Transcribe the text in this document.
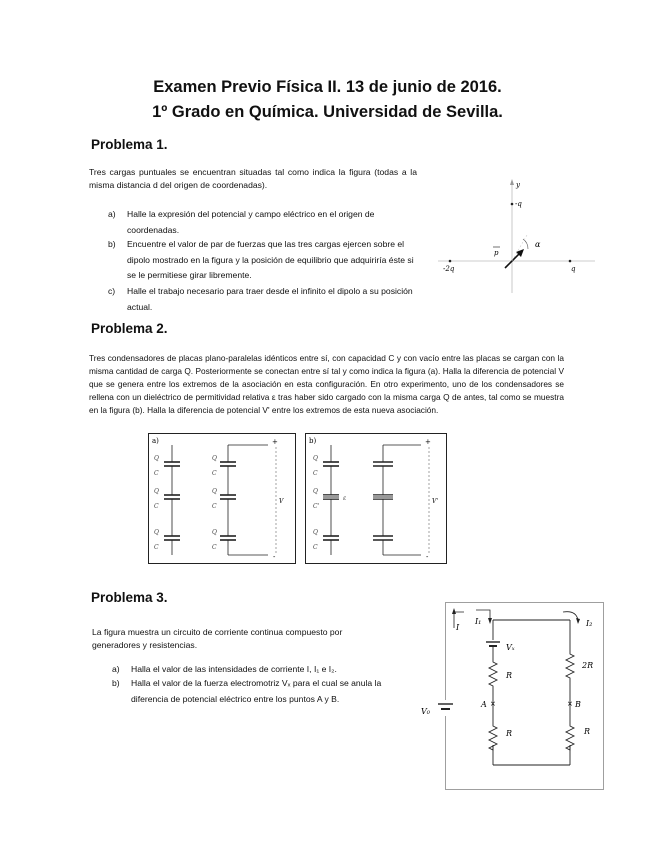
Examen Previo Física II. 13 de junio de 2016.
1º Grado en Química. Universidad de Sevilla.
Problema 1.
Tres cargas puntuales se encuentran situadas tal como indica la figura (todas a la misma distancia d del origen de coordenadas).
a) Halle la expresión del potencial y campo eléctrico en el origen de coordenadas.
b) Encuentre el valor de par de fuerzas que las tres cargas ejercen sobre el dipolo mostrado en la figura y la posición de equilibrio que adquiriría éste si se le permitiese girar libremente.
c) Halle el trabajo necesario para traer desde el infinito el dipolo a su posición actual.
y
-q
-2q	q
p
α
Problema 2.
Tres condensadores de placas plano-paralelas idénticos entre sí, con capacidad C y con vacío entre las placas se cargan con la misma cantidad de carga Q. Posteriormente se conectan entre sí tal y como indica la figura (a). Halla la diferencia de potencial V que se genera entre los extremos de la asociación en esta configuración. En otro experimento, uno de los condensadores se rellena con un dieléctrico de permitividad relativa ε tras haber sido cargado con la misma carga Q de antes, tal como se muestra en la figura (b). Halla la diferencia de potencial V' entre los extremos de esta nueva asociación.
a)	+
-
V
Q
C
Q
C
Q
C
Q
C
Q
C
Q
C
b)	+
-
V'
ε
Q
C
Q
C'
Q
C
Problema 3.
La figura muestra un circuito de corriente continua compuesto por generadores y resistencias.
a) Halla el valor de las intensidades de corriente I, I₁ e I₂.
b) Halla el valor de la fuerza electromotriz Vₓ para el cual se anula la diferencia de potencial eléctrico entre los puntos A y B.
Vₓ
R
R
2R
R
×
A	× B
V₀
I
I₁	I₂
